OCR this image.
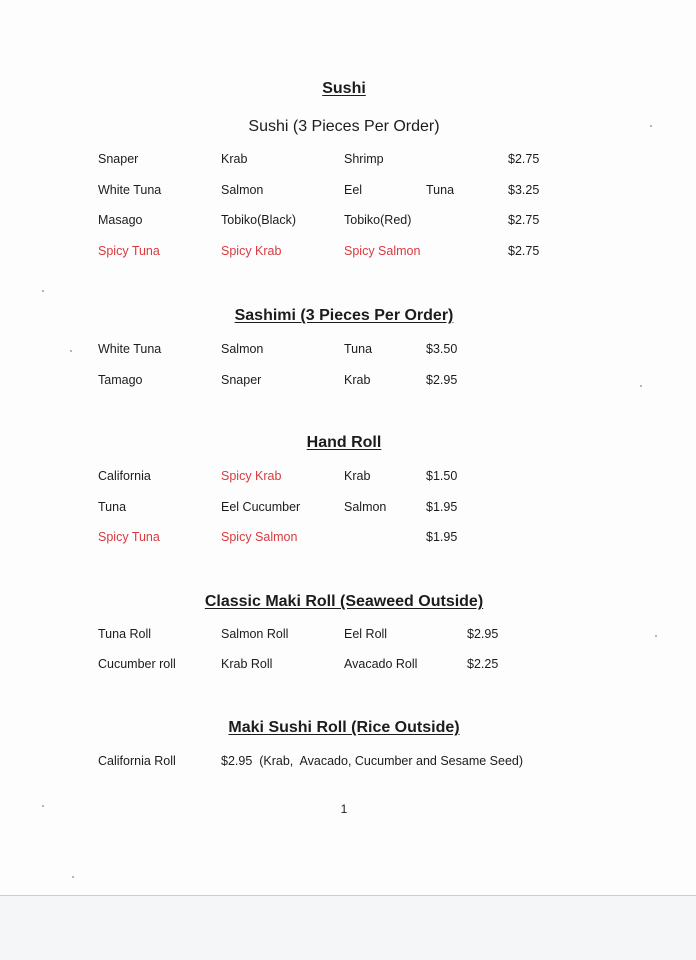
Sushi
Sushi (3 Pieces Per Order)
Snaper	Krab	Shrimp	$2.75
White Tuna	Salmon	Eel	Tuna	$3.25
Masago	Tobiko(Black)	Tobiko(Red)	$2.75
Spicy Tuna	Spicy Krab	Spicy Salmon	$2.75
Sashimi (3 Pieces Per Order)
White Tuna	Salmon	Tuna	$3.50
Tamago	Snaper	Krab	$2.95
Hand Roll
California	Spicy Krab	Krab	$1.50
Tuna	Eel Cucumber	Salmon	$1.95
Spicy Tuna	Spicy Salmon	$1.95
Classic Maki Roll (Seaweed Outside)
Tuna Roll	Salmon Roll	Eel Roll	$2.95
Cucumber roll	Krab Roll	Avacado Roll	$2.25
Maki Sushi Roll (Rice Outside)
California Roll	$2.95  (Krab,  Avacado, Cucumber and Sesame Seed)
1
